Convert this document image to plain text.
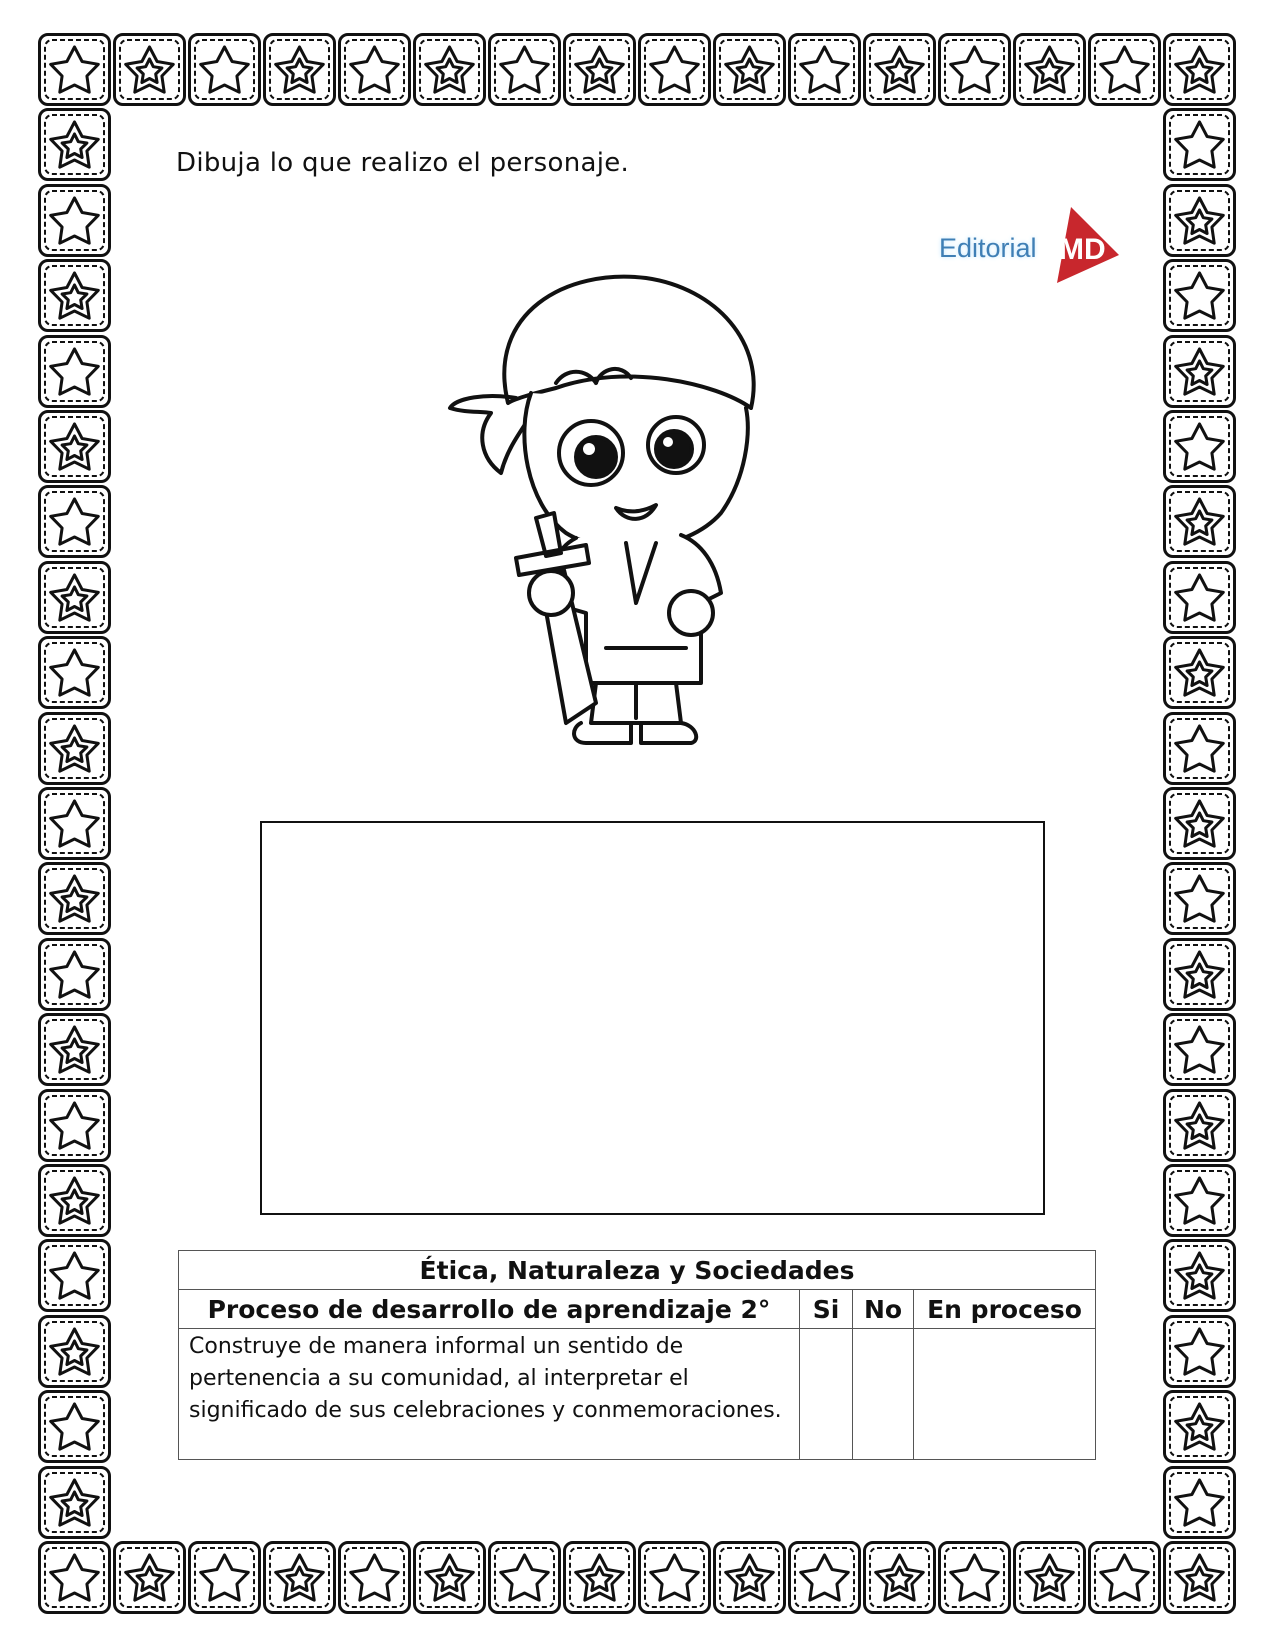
Dibuja lo que realizo el personaje.
Editorial MD
Ética, Naturaleza y Sociedades			
Proceso de desarrollo de aprendizaje 2°	Si	No	En proceso
Construye de manera informal un sentido de pertenencia a su comunidad, al interpretar el significado de sus celebraciones y conmemoraciones.			
